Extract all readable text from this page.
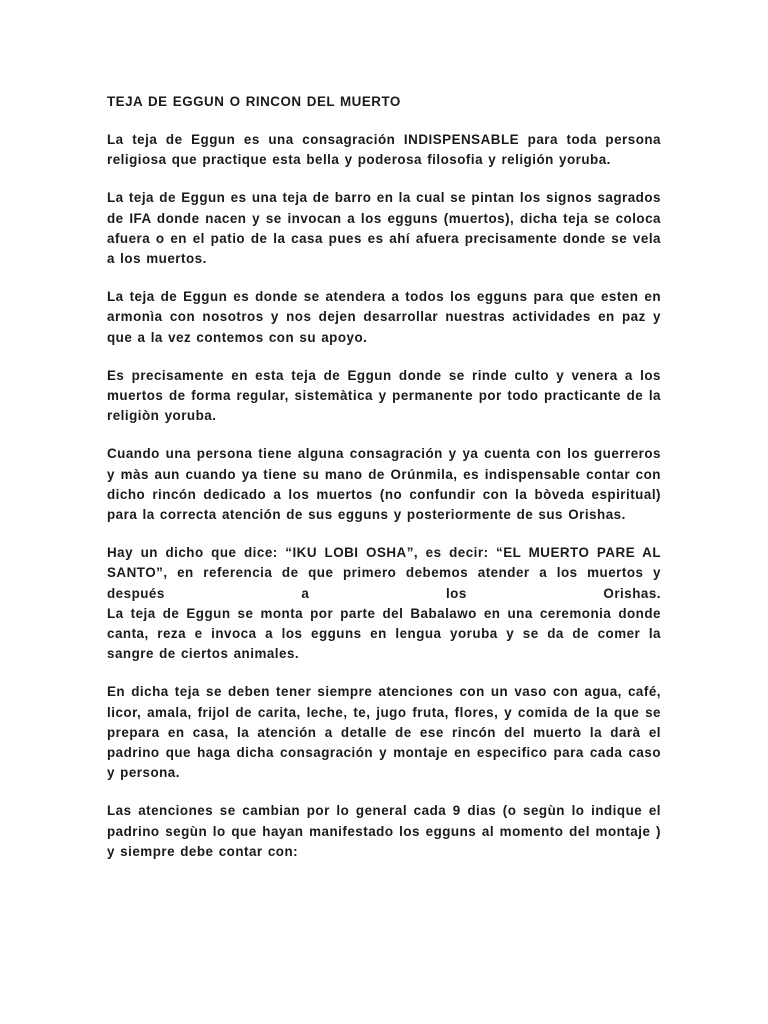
TEJA DE EGGUN O RINCON DEL MUERTO
La teja de Eggun es una consagración INDISPENSABLE para toda persona religiosa que practique esta bella y poderosa filosofia y religión yoruba.
La teja de Eggun es una teja de barro en la cual se pintan los signos sagrados de IFA donde nacen y se invocan a los egguns (muertos), dicha teja se coloca afuera o en el patio de la casa pues es ahí afuera precisamente donde se vela a los muertos.
La teja de Eggun es donde se atendera a todos los egguns para que esten en armonìa con nosotros y nos dejen desarrollar nuestras actividades en paz y que a la vez contemos con su apoyo.
Es precisamente en esta teja de Eggun donde se rinde culto y venera a los muertos de forma regular, sistemàtica y permanente por todo practicante de la religiòn yoruba.
Cuando una persona tiene alguna consagración y ya cuenta con los guerreros y màs aun cuando ya tiene su mano de Orúnmila, es indispensable contar con dicho rincón dedicado a los muertos (no confundir con la bòveda espiritual) para la correcta atención de sus egguns y posteriormente de sus Orishas.
Hay un dicho que dice: “IKU LOBI OSHA”, es decir: “EL MUERTO PARE AL SANTO”, en referencia de que primero debemos atender a los muertos y después a los Orishas.
La teja de Eggun se monta por parte del Babalawo en una ceremonia donde canta, reza e invoca a los egguns en lengua yoruba y se da de comer la sangre de ciertos animales.
En dicha teja se deben tener siempre atenciones con un vaso con agua, café, licor, amala, frijol de carita, leche, te, jugo fruta, flores, y comida de la que se prepara en casa, la atención a detalle de ese rincón del muerto la darà el padrino que haga dicha consagración y montaje en especifico para cada caso y persona.
Las atenciones se cambian por lo general cada 9 dias (o segùn lo indique el padrino segùn lo que hayan manifestado los egguns al momento del montaje ) y siempre debe contar con:
